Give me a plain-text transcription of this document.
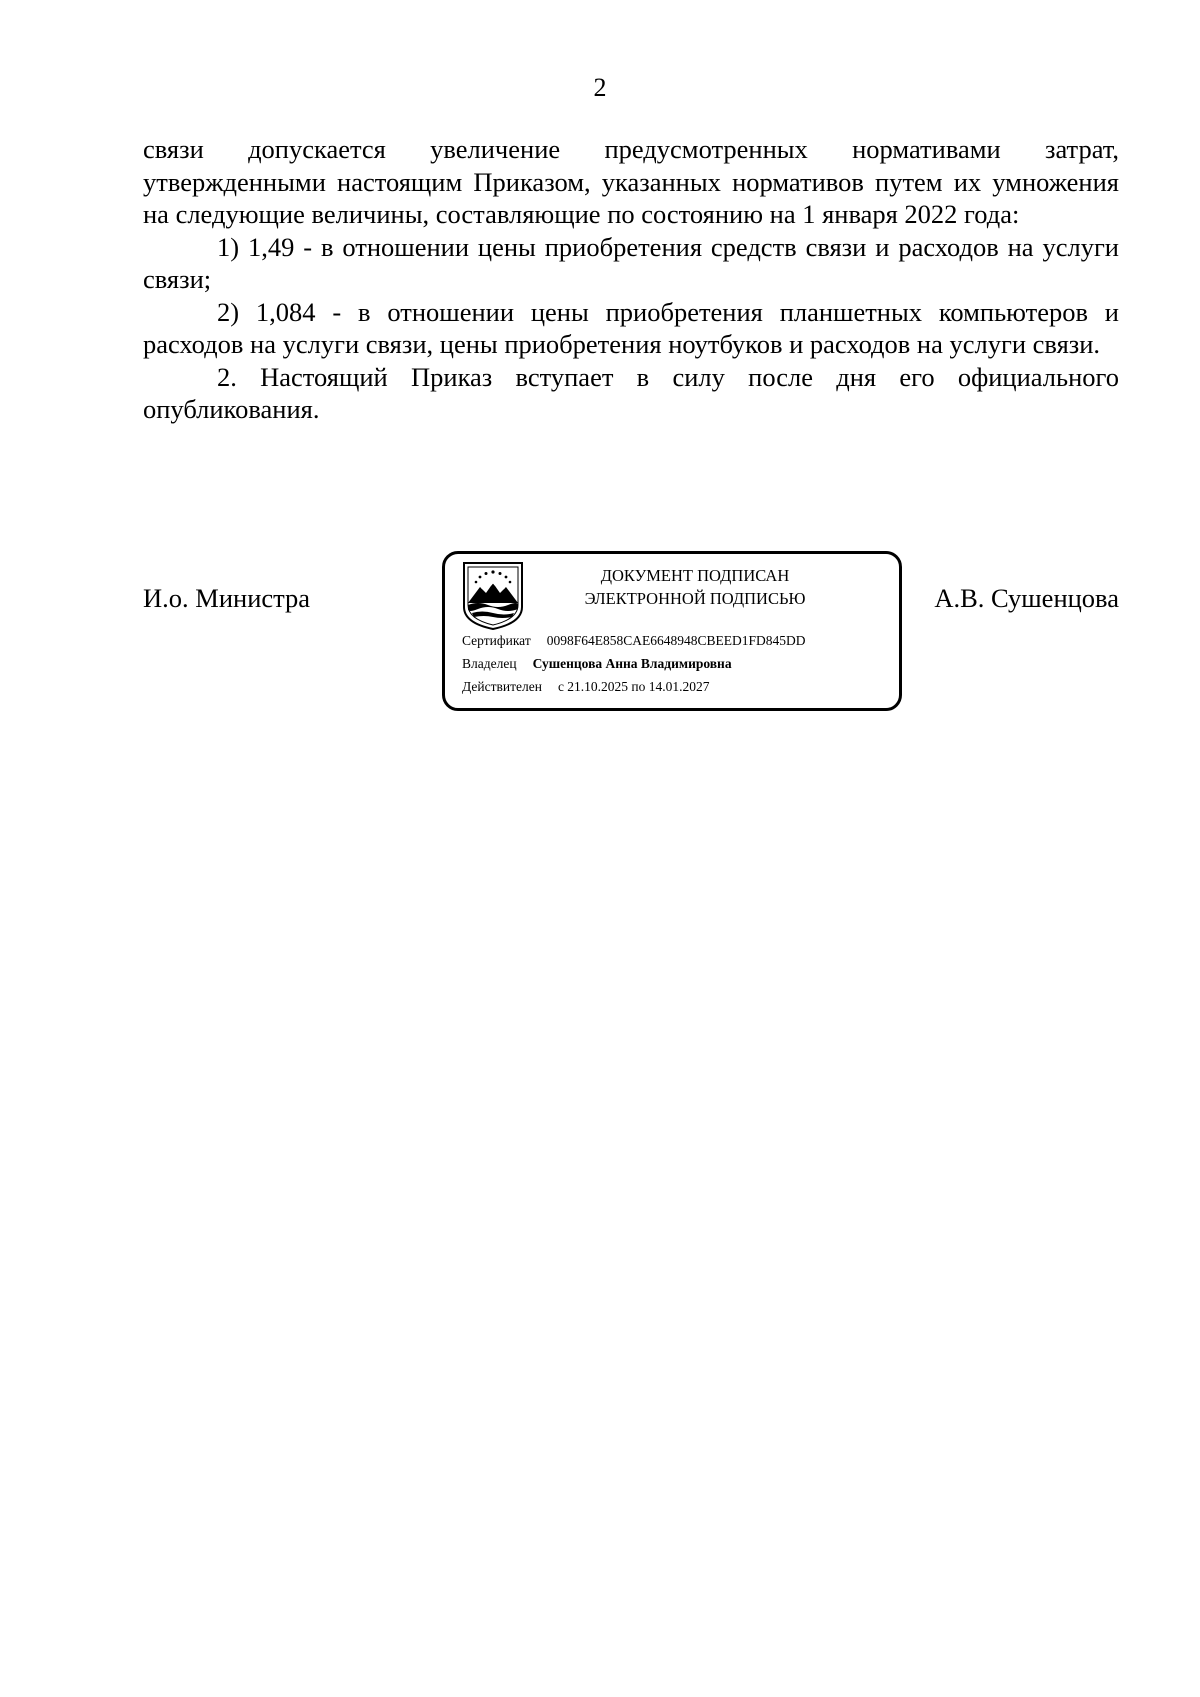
2

связи допускается увеличение предусмотренных нормативами затрат, утвержденными настоящим Приказом, указанных нормативов путем их умножения на следующие величины, составляющие по состоянию на 1 января 2022 года:

1) 1,49 - в отношении цены приобретения средств связи и расходов на услуги связи;

2) 1,084 - в отношении цены приобретения планшетных компьютеров и расходов на услуги связи, цены приобретения ноутбуков и расходов на услуги связи.

2. Настоящий Приказ вступает в силу после дня его официального опубликования.

И.о. Министра
ДОКУМЕНТ ПОДПИСАН
ЭЛЕКТРОННОЙ ПОДПИСЬЮ
Сертификат 0098F64E858CAE6648948CBEED1FD845DD
Владелец Сушенцова Анна Владимировна
Действителен с 21.10.2025 по 14.01.2027
А.В. Сушенцова
